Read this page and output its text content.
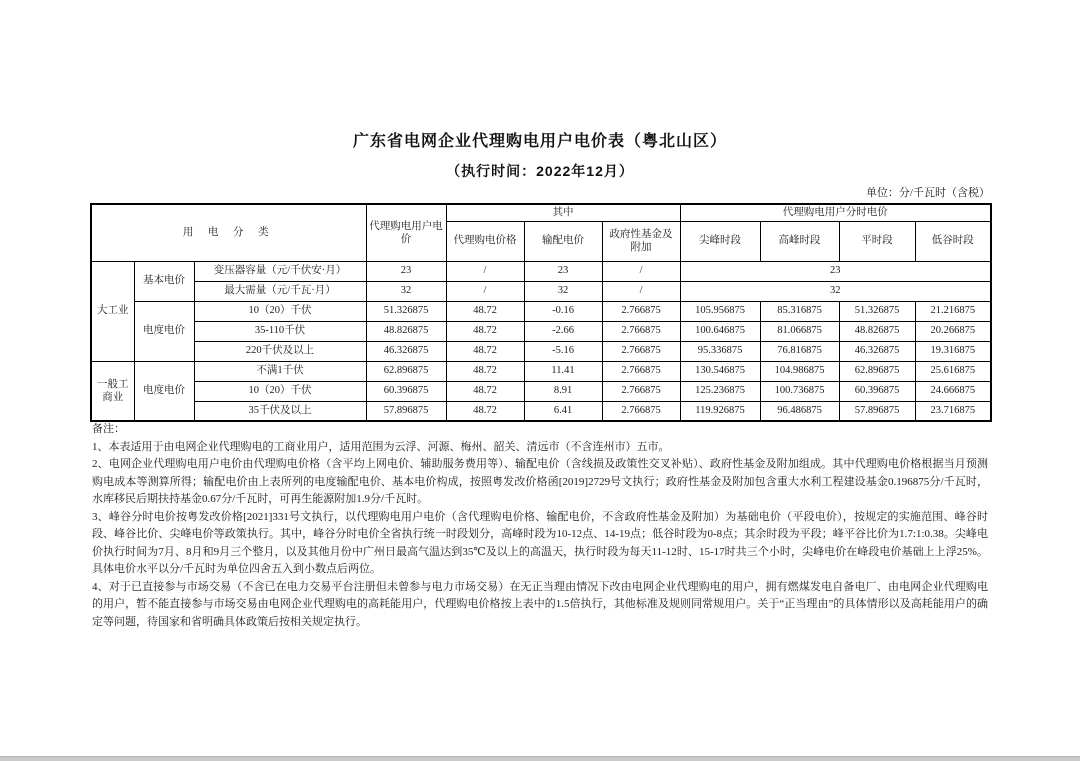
广东省电网企业代理购电用户电价表（粤北山区）
（执行时间：2022年12月）
单位：分/千瓦时（含税）
用 电 分 类			代理购电用户电价	其中			代理购电用户分时电价			
				代理购电价格	输配电价	政府性基金及附加	尖峰时段	高峰时段	平时段	低谷时段
大工业	基本电价	变压器容量（元/千伏安·月）	23	/	23	/	23			
		最大需量（元/千瓦·月）	32	/	32	/	32			
	电度电价	10（20）千伏	51.326875	48.72	-0.16	2.766875	105.956875	85.316875	51.326875	21.216875
		35-110千伏	48.826875	48.72	-2.66	2.766875	100.646875	81.066875	48.826875	20.266875
		220千伏及以上	46.326875	48.72	-5.16	2.766875	95.336875	76.816875	46.326875	19.316875
一般工商业	电度电价	不满1千伏	62.896875	48.72	11.41	2.766875	130.546875	104.986875	62.896875	25.616875
		10（20）千伏	60.396875	48.72	8.91	2.766875	125.236875	100.736875	60.396875	24.666875
		35千伏及以上	57.896875	48.72	6.41	2.766875	119.926875	96.486875	57.896875	23.716875
备注：
1、本表适用于由电网企业代理购电的工商业用户，适用范围为云浮、河源、梅州、韶关、清远市（不含连州市）五市。
2、电网企业代理购电用户电价由代理购电价格（含平均上网电价、辅助服务费用等）、输配电价（含线损及政策性交叉补贴）、政府性基金及附加组成。其中代理购电价格根据当月预测购电成本等测算所得；输配电价由上表所列的电度输配电价、基本电价构成，按照粤发改价格函[2019]2729号文执行；政府性基金及附加包含重大水利工程建设基金0.196875分/千瓦时，水库移民后期扶持基金0.67分/千瓦时，可再生能源附加1.9分/千瓦时。
3、峰谷分时电价按粤发改价格[2021]331号文执行，以代理购电用户电价（含代理购电价格、输配电价，不含政府性基金及附加）为基础电价（平段电价），按规定的实施范围、峰谷时段、峰谷比价、尖峰电价等政策执行。其中，峰谷分时电价全省执行统一时段划分，高峰时段为10-12点、14-19点；低谷时段为0-8点；其余时段为平段；峰平谷比价为1.7:1:0.38。尖峰电价执行时间为7月、8月和9月三个整月，以及其他月份中广州日最高气温达到35℃及以上的高温天，执行时段为每天11-12时、15-17时共三个小时，尖峰电价在峰段电价基础上上浮25%。具体电价水平以分/千瓦时为单位四舍五入到小数点后两位。
4、对于已直接参与市场交易（不含已在电力交易平台注册但未曾参与电力市场交易）在无正当理由情况下改由电网企业代理购电的用户，拥有燃煤发电自备电厂、由电网企业代理购电的用户，暂不能直接参与市场交易由电网企业代理购电的高耗能用户，代理购电价格按上表中的1.5倍执行，其他标准及规则同常规用户。关于“正当理由”的具体情形以及高耗能用户的确定等问题，待国家和省明确具体政策后按相关规定执行。
